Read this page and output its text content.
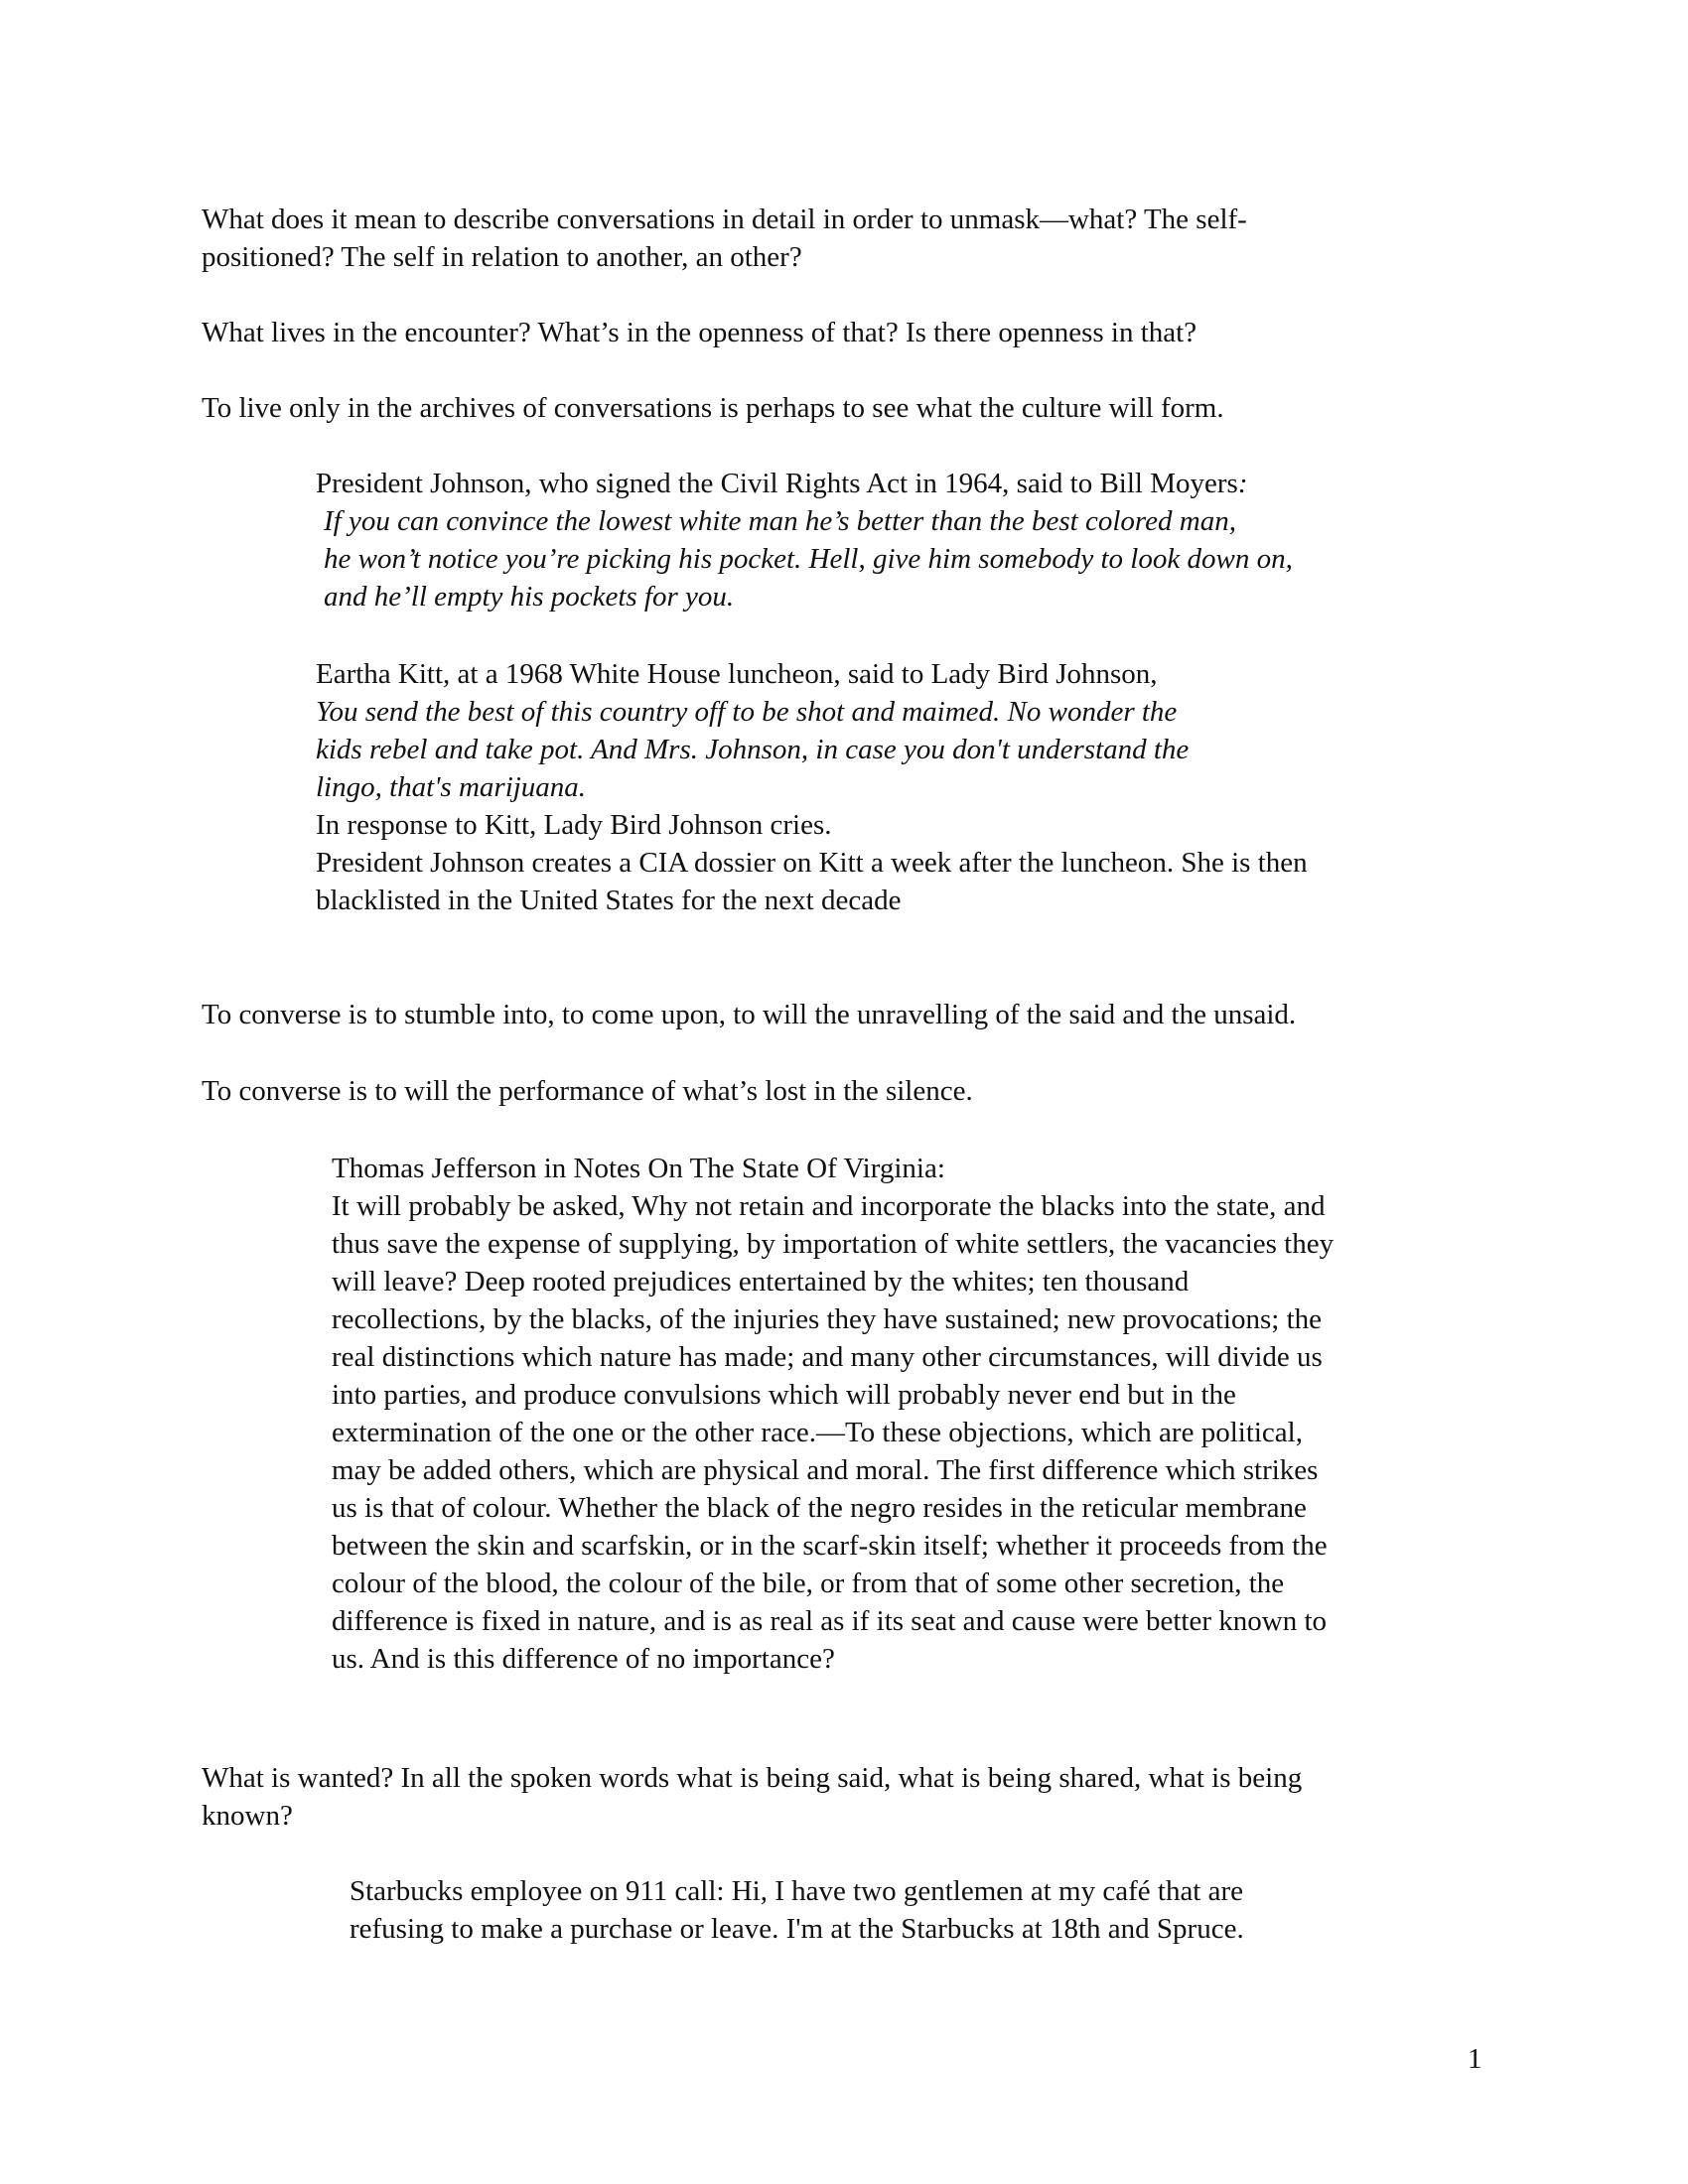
What does it mean to describe conversations in detail in order to unmask—what? The self-
positioned? The self in relation to another, an other?
What lives in the encounter? What’s in the openness of that? Is there openness in that?
To live only in the archives of conversations is perhaps to see what the culture will form.
President Johnson, who signed the Civil Rights Act in 1964, said to Bill Moyers:
If you can convince the lowest white man he’s better than the best colored man,
he won’t notice you’re picking his pocket. Hell, give him somebody to look down on,
and he’ll empty his pockets for you.
Eartha Kitt, at a 1968 White House luncheon, said to Lady Bird Johnson,
You send the best of this country off to be shot and maimed. No wonder the
kids rebel and take pot. And Mrs. Johnson, in case you don't understand the
lingo, that's marijuana.
In response to Kitt, Lady Bird Johnson cries.
President Johnson creates a CIA dossier on Kitt a week after the luncheon. She is then
blacklisted in the United States for the next decade
To converse is to stumble into, to come upon, to will the unravelling of the said and the unsaid.
To converse is to will the performance of what’s lost in the silence.
Thomas Jefferson in Notes On The State Of Virginia:
It will probably be asked, Why not retain and incorporate the blacks into the state, and
thus save the expense of supplying, by importation of white settlers, the vacancies they
will leave? Deep rooted prejudices entertained by the whites; ten thousand
recollections, by the blacks, of the injuries they have sustained; new provocations; the
real distinctions which nature has made; and many other circumstances, will divide us
into parties, and produce convulsions which will probably never end but in the
extermination of the one or the other race.—To these objections, which are political,
may be added others, which are physical and moral. The first difference which strikes
us is that of colour. Whether the black of the negro resides in the reticular membrane
between the skin and scarfskin, or in the scarf-skin itself; whether it proceeds from the
colour of the blood, the colour of the bile, or from that of some other secretion, the
difference is fixed in nature, and is as real as if its seat and cause were better known to
us. And is this difference of no importance?
What is wanted? In all the spoken words what is being said, what is being shared, what is being
known?
Starbucks employee on 911 call: Hi, I have two gentlemen at my café that are
refusing to make a purchase or leave. I'm at the Starbucks at 18th and Spruce.
1
